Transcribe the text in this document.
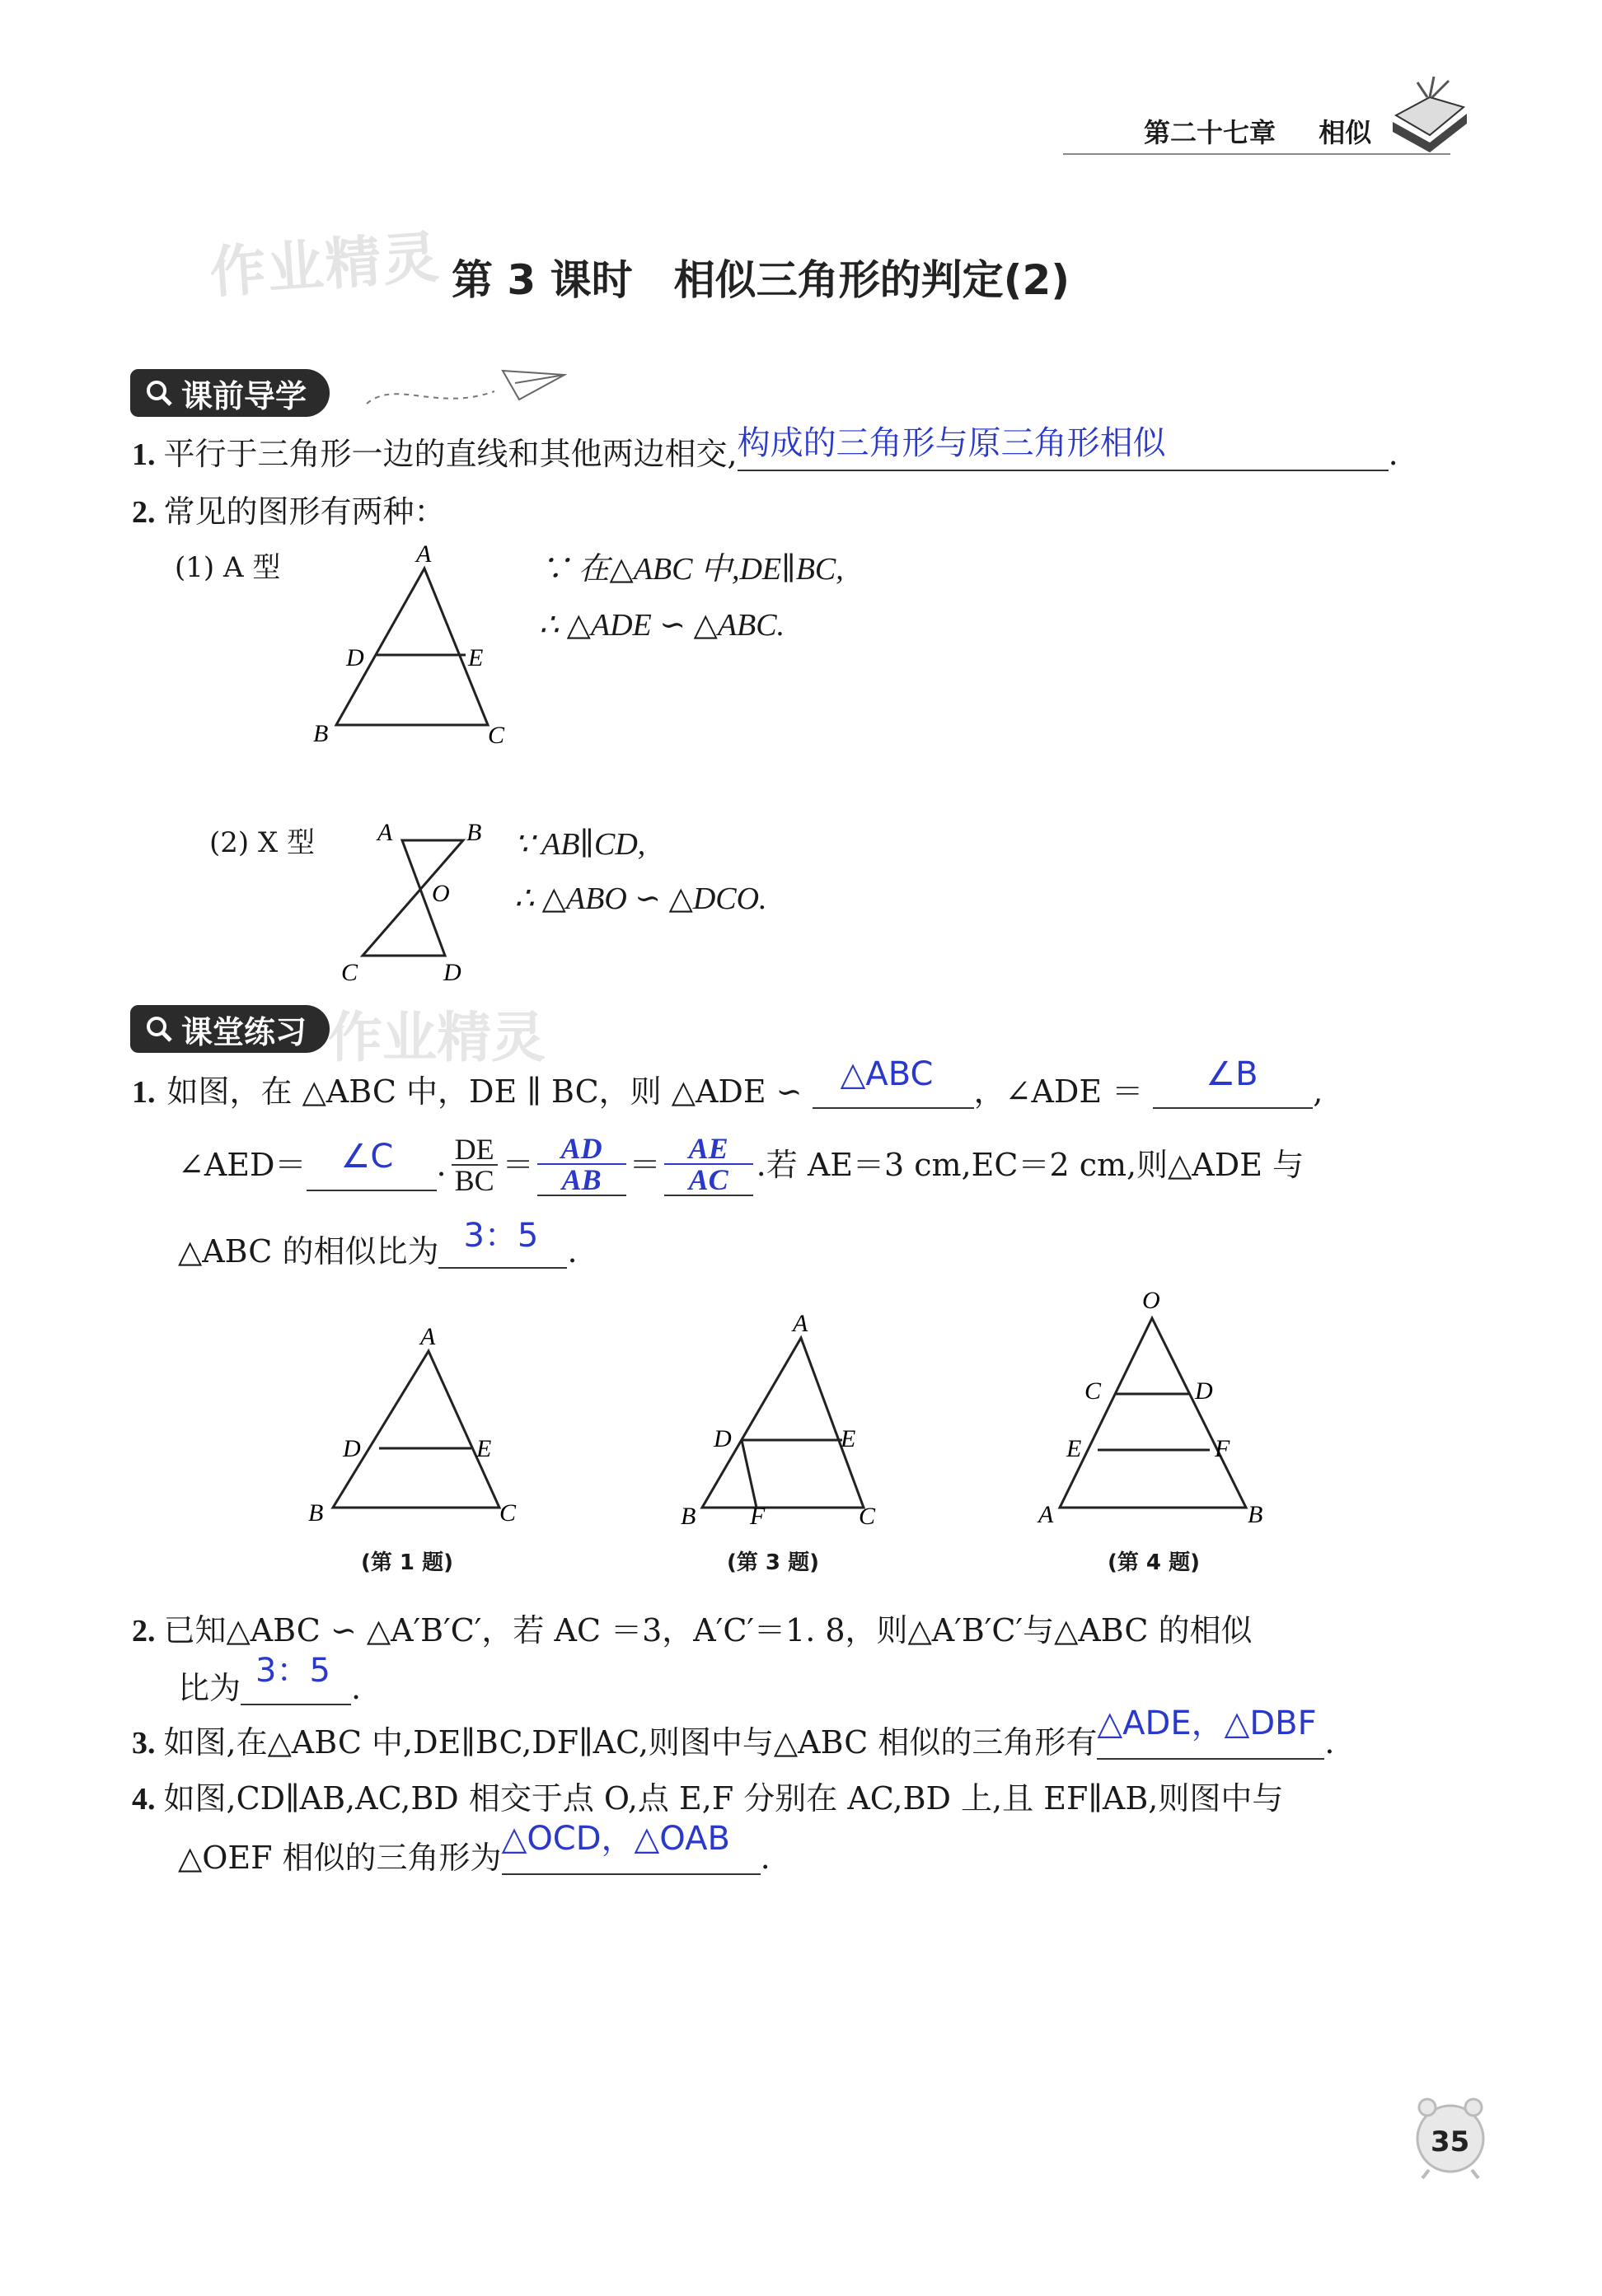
第二十七章 相似
作业精灵 第 3 课时　相似三角形的判定(2)
课前导学
1. 平行于三角形一边的直线和其他两边相交, 构成的三角形与原三角形相似	.
2. 常见的图形有两种：
(1) A 型	A
D	E
B	C
∵ 在△ABC 中,DE∥BC,
∴ △ADE ∽ △ABC.
(2) X 型	A	B
O
C	D
∵ AB∥CD,
∴ △ABO ∽ △DCO.
课堂练习 作业精灵
1. 如图，在 △ABC 中，DE ∥ BC，则 △ADE ∽ △ABC ，∠ADE ＝ ∠B ,
∠AED＝ ∠C
. $\frac{DE}{BC} = \frac{AD}{AB} = \frac{AE}{AC}$ .若 AE＝3 cm,EC＝2 cm,则△ADE 与
△ABC 的相似比为 3：5 .
A
D	E
B	C
(第 1 题)
A
D	E
B F	C
(第 3 题)
O
C	D
E	F
A	B
(第 4 题)
2. 已知△ABC ∽ △A′B′C′，若 AC ＝3，A′C′＝1. 8，则△A′B′C′与△ABC 的相似
比为 3：5 .
3. 如图,在△ABC 中,DE∥BC,DF∥AC,则图中与△ABC 相似的三角形有 △ADE，△DBF .
4. 如图,CD∥AB,AC,BD 相交于点 O,点 E,F 分别在 AC,BD 上,且 EF∥AB,则图中与
△OEF 相似的三角形为 △OCD，△OAB .
35
